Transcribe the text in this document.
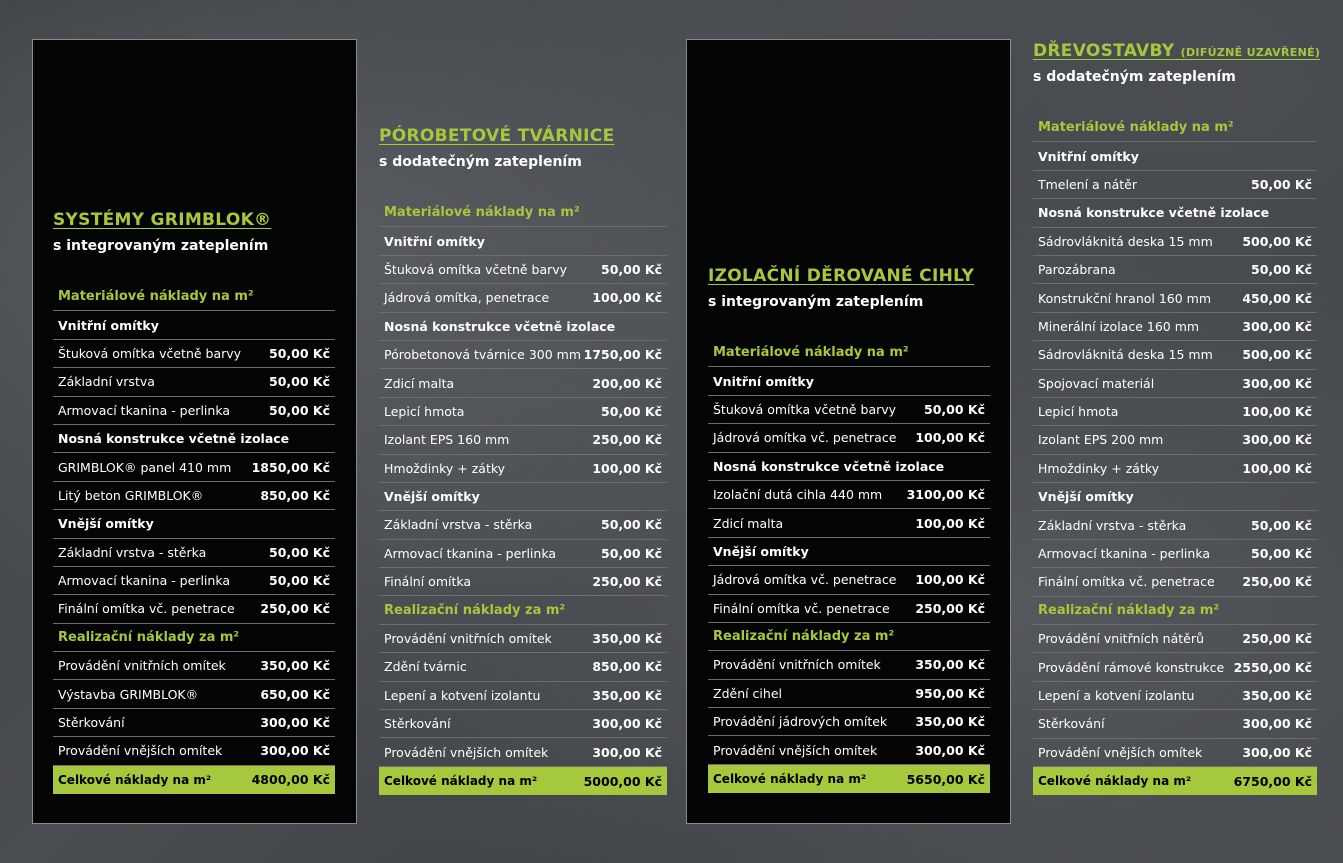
SYSTÉMY GRIMBLOK®
s integrovaným zateplením
Materiálové náklady na m²
Vnitřní omítky
Štuková omítka včetně barvy 50,00 Kč
Základní vrstva	50,00 Kč
Armovací tkanina - perlinka	50,00 Kč
Nosná konstrukce včetně izolace
GRIMBLOK® panel 410 mm 1850,00 Kč
Litý beton GRIMBLOK®	850,00 Kč
Vnější omítky
Základní vrstva - stěrka	50,00 Kč
Armovací tkanina - perlinka	50,00 Kč
Finální omítka vč. penetrace 250,00 Kč
Realizační náklady za m²
Provádění vnitřních omítek	350,00 Kč
Výstavba GRIMBLOK®	650,00 Kč
Stěrkování	300,00 Kč
Provádění vnějších omítek	300,00 Kč
Celkové náklady na m²	4800,00 Kč
PÓROBETOVÉ TVÁRNICE
s dodatečným zateplením
Materiálové náklady na m²
Vnitřní omítky
Štuková omítka včetně barvy	50,00 Kč
Jádrová omítka, penetrace	100,00 Kč
Nosná konstrukce včetně izolace
Pórobetonová tvárnice 300 mm 1750,00 Kč
Zdicí malta	200,00 Kč
Lepicí hmota	50,00 Kč
Izolant EPS 160 mm	250,00 Kč
Hmoždinky + zátky	100,00 Kč
Vnější omítky
Základní vrstva - stěrka	50,00 Kč
Armovací tkanina - perlinka	50,00 Kč
Finální omítka	250,00 Kč
Realizační náklady za m²
Provádění vnitřních omítek	350,00 Kč
Zdění tvárnic	850,00 Kč
Lepení a kotvení izolantu	350,00 Kč
Stěrkování	300,00 Kč
Provádění vnějších omítek	300,00 Kč
Celkové náklady na m²	5000,00 Kč
IZOLAČNÍ DĚROVANÉ CIHLY
s integrovaným zateplením
Materiálové náklady na m²
Vnitřní omítky
Štuková omítka včetně barvy 50,00 Kč
Jádrová omítka vč. penetrace 100,00 Kč
Nosná konstrukce včetně izolace
Izolační dutá cihla 440 mm 3100,00 Kč
Zdicí malta	100,00 Kč
Vnější omítky
Jádrová omítka vč. penetrace 100,00 Kč
Finální omítka vč. penetrace 250,00 Kč
Realizační náklady za m²
Provádění vnitřních omítek	350,00 Kč
Zdění cihel	950,00 Kč
Provádění jádrových omítek 350,00 Kč
Provádění vnějších omítek	300,00 Kč
Celkové náklady na m²	5650,00 Kč
DŘEVOSTAVBY (DIFÚZNĚ UZAVŘENÉ)
s dodatečným zateplením
Materiálové náklady na m²
Vnitřní omítky
Tmelení a nátěr	50,00 Kč
Nosná konstrukce včetně izolace
Sádrovláknitá deska 15 mm 500,00 Kč
Parozábrana	50,00 Kč
Konstrukční hranol 160 mm	450,00 Kč
Minerální izolace 160 mm	300,00 Kč
Sádrovláknitá deska 15 mm 500,00 Kč
Spojovací materiál	300,00 Kč
Lepicí hmota	100,00 Kč
Izolant EPS 200 mm	300,00 Kč
Hmoždinky + zátky	100,00 Kč
Vnější omítky
Základní vrstva - stěrka	50,00 Kč
Armovací tkanina - perlinka	50,00 Kč
Finální omítka vč. penetrace 250,00 Kč
Realizační náklady za m²
Provádění vnitřních nátěrů	250,00 Kč
Provádění rámové konstrukce 2550,00 Kč
Lepení a kotvení izolantu	350,00 Kč
Stěrkování	300,00 Kč
Provádění vnějších omítek	300,00 Kč
Celkové náklady na m²	6750,00 Kč
